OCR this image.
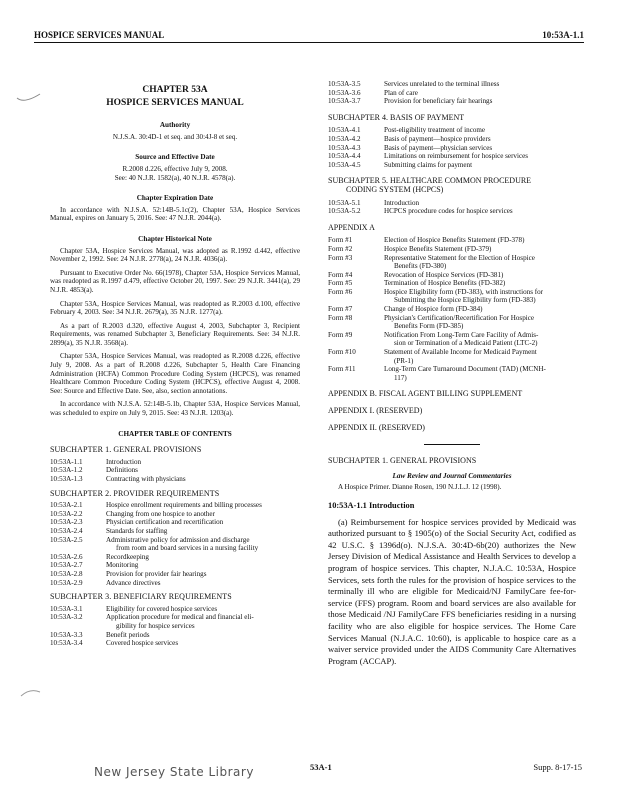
HOSPICE SERVICES MANUAL	10:53A-1.1
CHAPTER 53A
HOSPICE SERVICES MANUAL
Authority
N.J.S.A. 30:4D-1 et seq. and 30:4J-8 et seq.
Source and Effective Date
R.2008 d.226, effective July 9, 2008.
See: 40 N.J.R. 1582(a), 40 N.J.R. 4578(a).
Chapter Expiration Date
In accordance with N.J.S.A. 52:14B-5.1c(2), Chapter 53A, Hospice Services Manual, expires on January 5, 2016. See: 47 N.J.R. 2044(a).
Chapter Historical Note
Chapter 53A, Hospice Services Manual, was adopted as R.1992 d.442, effective November 2, 1992. See: 24 N.J.R. 2778(a), 24 N.J.R. 4036(a).
Pursuant to Executive Order No. 66(1978), Chapter 53A, Hospice Services Manual, was readopted as R.1997 d.479, effective October 20, 1997. See: 29 N.J.R. 3441(a), 29 N.J.R. 4853(a).
Chapter 53A, Hospice Services Manual, was readopted as R.2003 d.100, effective February 4, 2003. See: 34 N.J.R. 2679(a), 35 N.J.R. 1277(a).
As a part of R.2003 d.320, effective August 4, 2003, Subchapter 3, Recipient Requirements, was renamed Subchapter 3, Beneficiary Requirements. See: 34 N.J.R. 2899(a), 35 N.J.R. 3568(a).
Chapter 53A, Hospice Services Manual, was readopted as R.2008 d.226, effective July 9, 2008. As a part of R.2008 d.226, Subchapter 5, Health Care Financing Administration (HCFA) Common Procedure Coding System (HCPCS), was renamed Healthcare Common Procedure Coding System (HCPCS), effective August 4, 2008. See: Source and Effective Date. See, also, section annotations.
In accordance with N.J.S.A. 52:14B-5.1b, Chapter 53A, Hospice Services Manual, was scheduled to expire on July 9, 2015. See: 43 N.J.R. 1203(a).
CHAPTER TABLE OF CONTENTS
SUBCHAPTER 1. GENERAL PROVISIONS
10:53A-1.1	Introduction
10:53A-1.2	Definitions
10:53A-1.3	Contracting with physicians
SUBCHAPTER 2. PROVIDER REQUIREMENTS
10:53A-2.1	Hospice enrollment requirements and billing processes
10:53A-2.2	Changing from one hospice to another
10:53A-2.3	Physician certification and recertification
10:53A-2.4	Standards for staffing
10:53A-2.5	Administrative policy for admission and discharge
from room and board services in a nursing facility
10:53A-2.6	Recordkeeping
10:53A-2.7	Monitoring
10:53A-2.8	Provision for provider fair hearings
10:53A-2.9	Advance directives
SUBCHAPTER 3. BENEFICIARY REQUIREMENTS
10:53A-3.1	Eligibility for covered hospice services
10:53A-3.2	Application procedure for medical and financial eli-
gibility for hospice services
10:53A-3.3	Benefit periods
10:53A-3.4	Covered hospice services
10:53A-3.5	Services unrelated to the terminal illness
10:53A-3.6	Plan of care
10:53A-3.7	Provision for beneficiary fair hearings
SUBCHAPTER 4. BASIS OF PAYMENT
10:53A-4.1	Post-eligibility treatment of income
10:53A-4.2	Basis of payment—hospice providers
10:53A-4.3	Basis of payment—physician services
10:53A-4.4	Limitations on reimbursement for hospice services
10:53A-4.5	Submitting claims for payment
SUBCHAPTER 5. HEALTHCARE COMMON PROCEDURE
CODING SYSTEM (HCPCS)
10:53A-5.1	Introduction
10:53A-5.2	HCPCS procedure codes for hospice services
APPENDIX A
Form #1	Election of Hospice Benefits Statement (FD-378)
Form #2	Hospice Benefits Statement (FD-379)
Form #3	Representative Statement for the Election of Hospice
Benefits (FD-380)
Form #4	Revocation of Hospice Services (FD-381)
Form #5	Termination of Hospice Benefits (FD-382)
Form #6	Hospice Eligibility form (FD-383), with instructions for
Submitting the Hospice Eligibility form (FD-383)
Form #7	Change of Hospice form (FD-384)
Form #8	Physician's Certification/Recertification For Hospice
Benefits Form (FD-385)
Form #9	Notification From Long-Term Care Facility of Admis-
sion or Termination of a Medicaid Patient (LTC-2)
Form #10	Statement of Available Income for Medicaid Payment
(PR-1)
Form #11	Long-Term Care Turnaround Document (TAD) (MCNH-
117)
APPENDIX B. FISCAL AGENT BILLING SUPPLEMENT
APPENDIX I. (RESERVED)
APPENDIX II. (RESERVED)
SUBCHAPTER 1. GENERAL PROVISIONS
Law Review and Journal Commentaries
A Hospice Primer. Dianne Rosen, 190 N.J.L.J. 12 (1998).
10:53A-1.1 Introduction
(a) Reimbursement for hospice services provided by Medicaid was authorized pursuant to § 1905(o) of the Social Security Act, codified as 42 U.S.C. § 1396d(o). N.J.S.A. 30:4D-6b(20) authorizes the New Jersey Division of Medical Assistance and Health Services to develop a program of hospice services. This chapter, N.J.A.C. 10:53A, Hospice Services, sets forth the rules for the provision of hospice services to the terminally ill who are eligible for Medicaid/NJ FamilyCare fee-for-service (FFS) program. Room and board services are also available for those Medicaid /NJ FamilyCare FFS beneficiaries residing in a nursing facility who are also eligible for hospice services. The Home Care Services Manual (N.J.A.C. 10:60), is applicable to hospice care as a waiver service provided under the AIDS Community Care Alternatives Program (ACCAP).
New Jersey State Library	53A-1	Supp. 8-17-15
